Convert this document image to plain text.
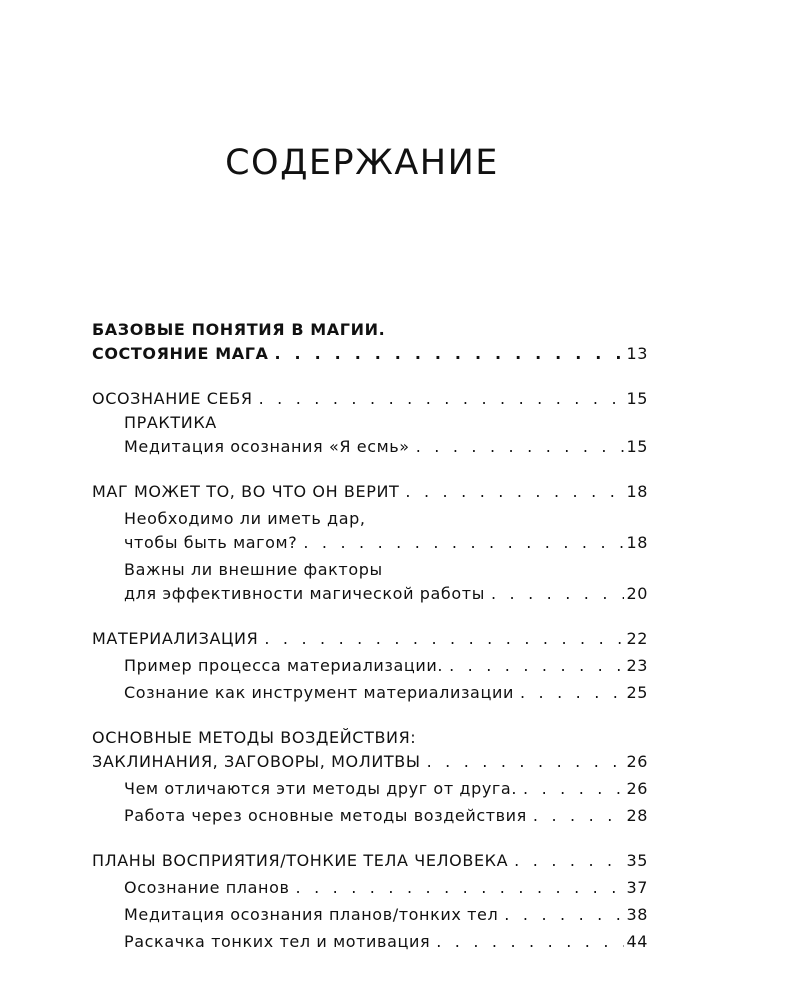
СОДЕРЖАНИЕ
БАЗОВЫЕ ПОНЯТИЯ В МАГИИ.
СОСТОЯНИЕ МАГА . . .	13
ОСОЗНАНИЕ СЕБЯ . . .	15
ПРАКТИКА
Медитация осознания «Я есмь» . . .	15
МАГ МОЖЕТ ТО, ВО ЧТО ОН ВЕРИТ . . .	18
Необходимо ли иметь дар,
чтобы быть магом? . . .	18
Важны ли внешние факторы
для эффективности магической работы . . .	20
МАТЕРИАЛИЗАЦИЯ . . .	22
Пример процесса материализации. . . .	23
Сознание как инструмент материализации . . .	25
ОСНОВНЫЕ МЕТОДЫ ВОЗДЕЙСТВИЯ:
ЗАКЛИНАНИЯ, ЗАГОВОРЫ, МОЛИТВЫ . . .	26
Чем отличаются эти методы друг от друга. . . .	26
Работа через основные методы воздействия . . .	28
ПЛАНЫ ВОСПРИЯТИЯ/ТОНКИЕ ТЕЛА ЧЕЛОВЕКА . . .	35
Осознание планов . . .	37
Медитация осознания планов/тонких тел . . .	38
Раскачка тонких тел и мотивация . . .	44
